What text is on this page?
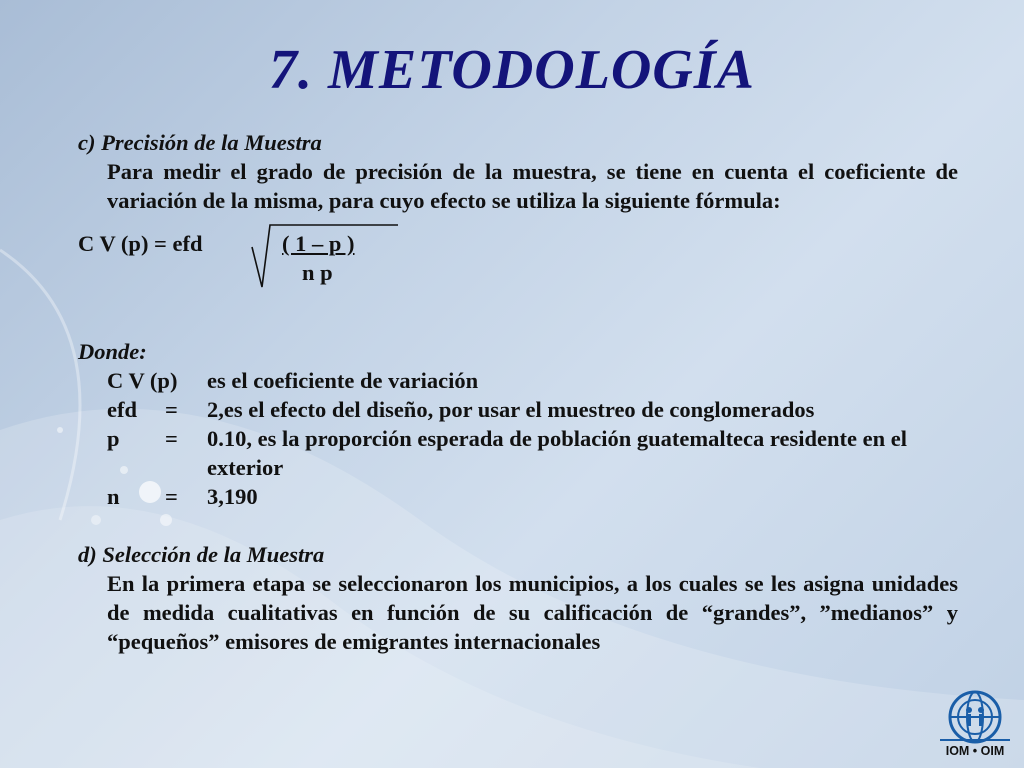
7. METODOLOGÍA
c) Precisión de la Muestra
Para medir el grado de precisión de la muestra, se tiene en cuenta el coeficiente de variación de la misma, para cuyo efecto se utiliza la siguiente fórmula:
C V (p) = efd	( 1 – p )
n p
Donde:
C V (p)	es el coeficiente de variación
efd	=	2,es el efecto del diseño, por usar el muestreo de conglomerados
p	=	0.10, es la proporción esperada de población guatemalteca residente en el exterior
n	=	3,190
d) Selección de la Muestra
En la primera etapa se seleccionaron los municipios, a los cuales se les asigna unidades de medida cualitativas en función de su calificación de “grandes”, ”medianos” y “pequeños” emisores de emigrantes internacionales
IOM • OIM
